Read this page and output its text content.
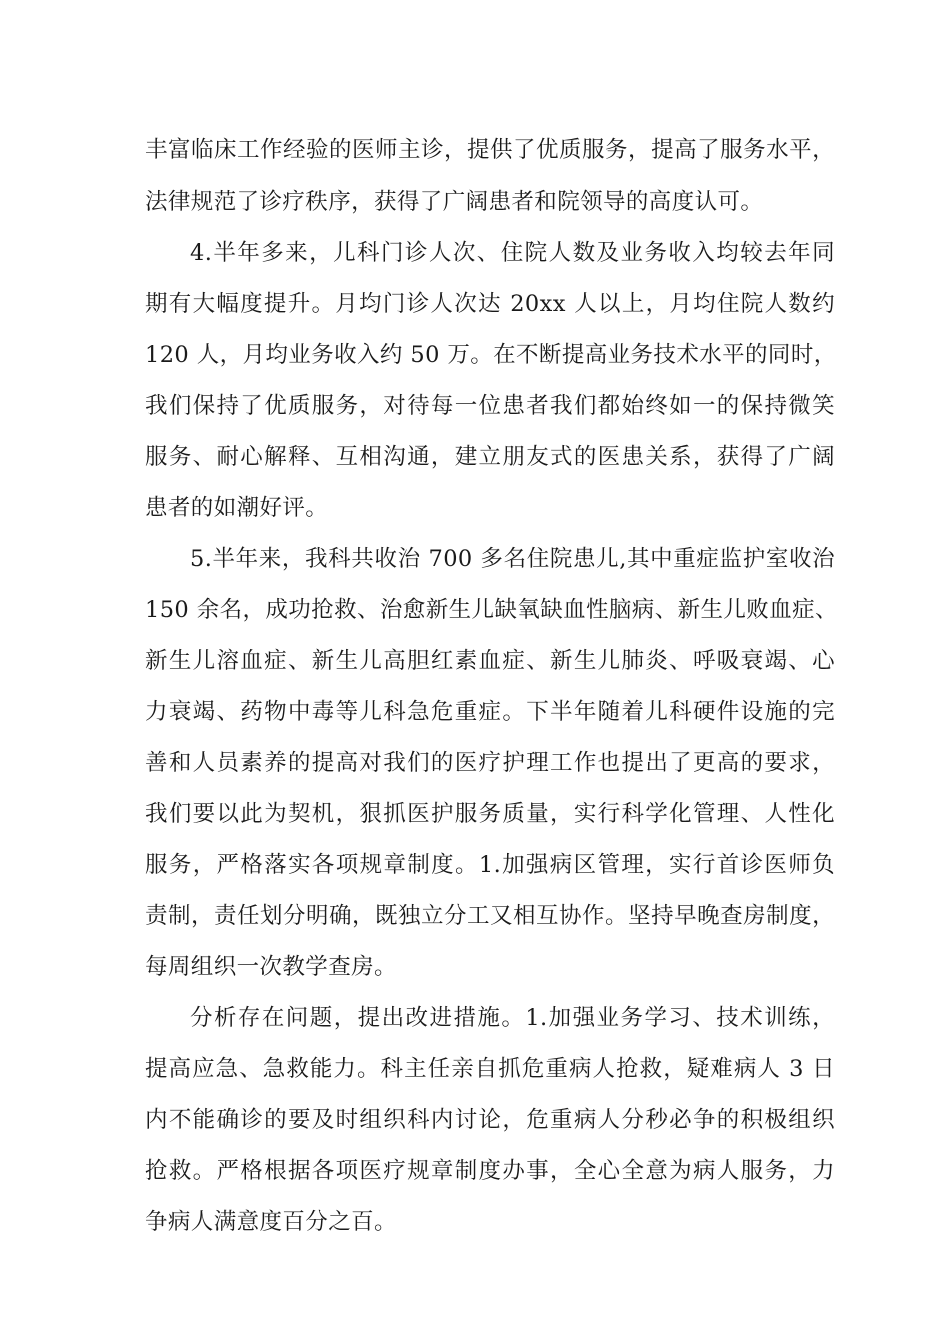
丰富临床工作经验的医师主诊，提供了优质服务，提高了服务水平，
法律规范了诊疗秩序，获得了广阔患者和院领导的高度认可。
4.半年多来，儿科门诊人次、住院人数及业务收入均较去年同
期有大幅度提升。月均门诊人次达 20xx 人以上，月均住院人数约
120 人，月均业务收入约 50 万。在不断提高业务技术水平的同时，
我们保持了优质服务，对待每一位患者我们都始终如一的保持微笑
服务、耐心解释、互相沟通，建立朋友式的医患关系，获得了广阔
患者的如潮好评。
5.半年来，我科共收治 700 多名住院患儿,其中重症监护室收治
150 余名，成功抢救、治愈新生儿缺氧缺血性脑病、新生儿败血症、
新生儿溶血症、新生儿高胆红素血症、新生儿肺炎、呼吸衰竭、心
力衰竭、药物中毒等儿科急危重症。下半年随着儿科硬件设施的完
善和人员素养的提高对我们的医疗护理工作也提出了更高的要求，
我们要以此为契机，狠抓医护服务质量，实行科学化管理、人性化
服务，严格落实各项规章制度。1.加强病区管理，实行首诊医师负
责制，责任划分明确，既独立分工又相互协作。坚持早晚查房制度，
每周组织一次教学查房。
分析存在问题，提出改进措施。1.加强业务学习、技术训练，
提高应急、急救能力。科主任亲自抓危重病人抢救，疑难病人 3 日
内不能确诊的要及时组织科内讨论，危重病人分秒必争的积极组织
抢救。严格根据各项医疗规章制度办事，全心全意为病人服务，力
争病人满意度百分之百。
